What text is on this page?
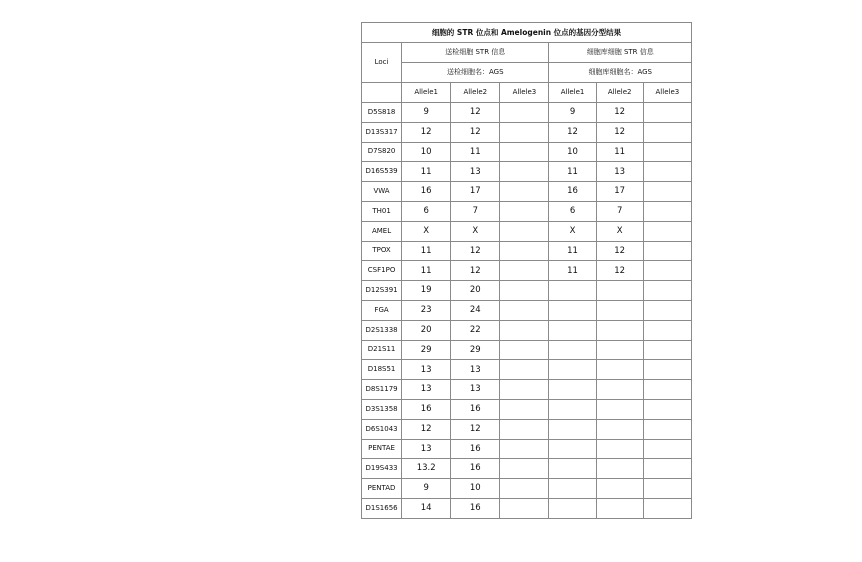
细胞的 STR 位点和 Amelogenin 位点的基因分型结果						
Loci	送检细胞 STR 信息			细胞库细胞 STR 信息		
	送检细胞名：AGS			细胞库细胞名：AGS		
	Allele1	Allele2	Allele3	Allele1	Allele2	Allele3
D5S818	9	12		9	12	
D13S317	12	12		12	12	
D7S820	10	11		10	11	
D16S539	11	13		11	13	
VWA	16	17		16	17	
TH01	6	7		6	7	
AMEL	X	X		X	X	
TPOX	11	12		11	12	
CSF1PO	11	12		11	12	
D12S391	19	20				
FGA	23	24				
D2S1338	20	22				
D21S11	29	29				
D18S51	13	13				
D8S1179	13	13				
D3S1358	16	16				
D6S1043	12	12				
PENTAE	13	16				
D19S433	13.2	16				
PENTAD	9	10				
D1S1656	14	16				
